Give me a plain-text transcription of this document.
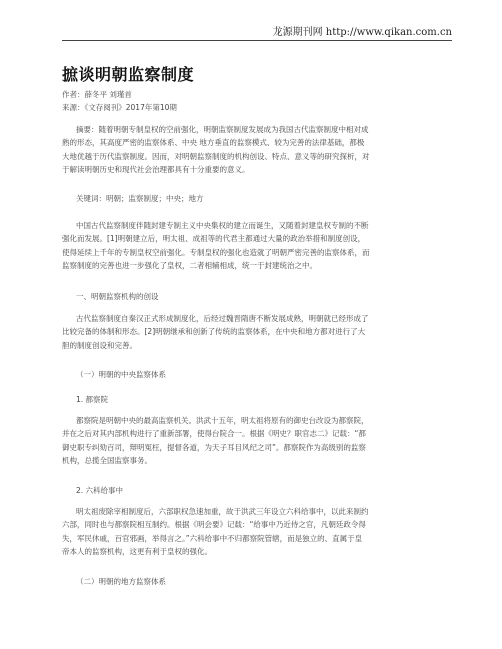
龙源期刊网 http://www.qikan.com.cn
摭谈明朝监察制度
作者：薛冬平 刘瑾首
来源：《文存阅刊》2017年第10期
摘要：随着明朝专制皇权的空前强化，明朝监察制度发展成为我国古代监察制度中相对成
熟的形态，其高度严密的监察体系、中央 地方垂直的监察模式、较为完善的法律基础，都极
大地优越于历代监察制度。因而，对明朝监察制度的机构创设、特点、意义等的研究探析，对
于解读明朝历史和现代社会治理都具有十分重要的意义。
关键词：明朝；监察制度；中央；地方
中国古代监察制度伴随封建专制主义中央集权的建立而诞生，又随着封建皇权专制的不断
强化而发展。[1]明朝建立后，明太祖、成祖等的代君主都通过大量的政治举措和制度创设，
使得延续上千年的专制皇权空前强化。专制皇权的强化也造就了明朝严密完善的监察体系，而
监察制度的完善也进一步强化了皇权，二者相辅相成，统一于封建统治之中。
一、明朝监察机构的创设
古代监察制度自秦汉正式形成制度化，后经过魏晋隋唐不断发展成熟，明朝就已经形成了
比较完备的体制和形态。[2]明朝继承和创新了传统的监察体系，在中央和地方都对进行了大
胆的制度创设和完善。
（一）明朝的中央监察体系
1. 都察院
都察院是明朝中央的最高监察机关。洪武十五年，明太祖将原有的御史台改设为都察院，
并在之后对其内部机构进行了重新部署，使得台院合一。根据《明史？职官志二》记载：“都
御史职专纠劾百司，辩明冤枉，提督各道，为天子耳目风纪之司”。都察院作为高级别的监察
机构，总揽全国监察事务。
2. 六科给事中
明太祖废除宰相制度后，六部职权急速加重，故于洪武三年设立六科给事中，以此来制约
六部，同时也与都察院相互制约。根据《明会要》记载：“给事中乃近侍之官，凡朝廷政令得
失，军民休戚，百官邪画，举得言之。”六科给事中不归都察院管辖，而是独立的、直属于皇
帝本人的监察机构，这更有利于皇权的强化。
（二）明朝的地方监察体系
